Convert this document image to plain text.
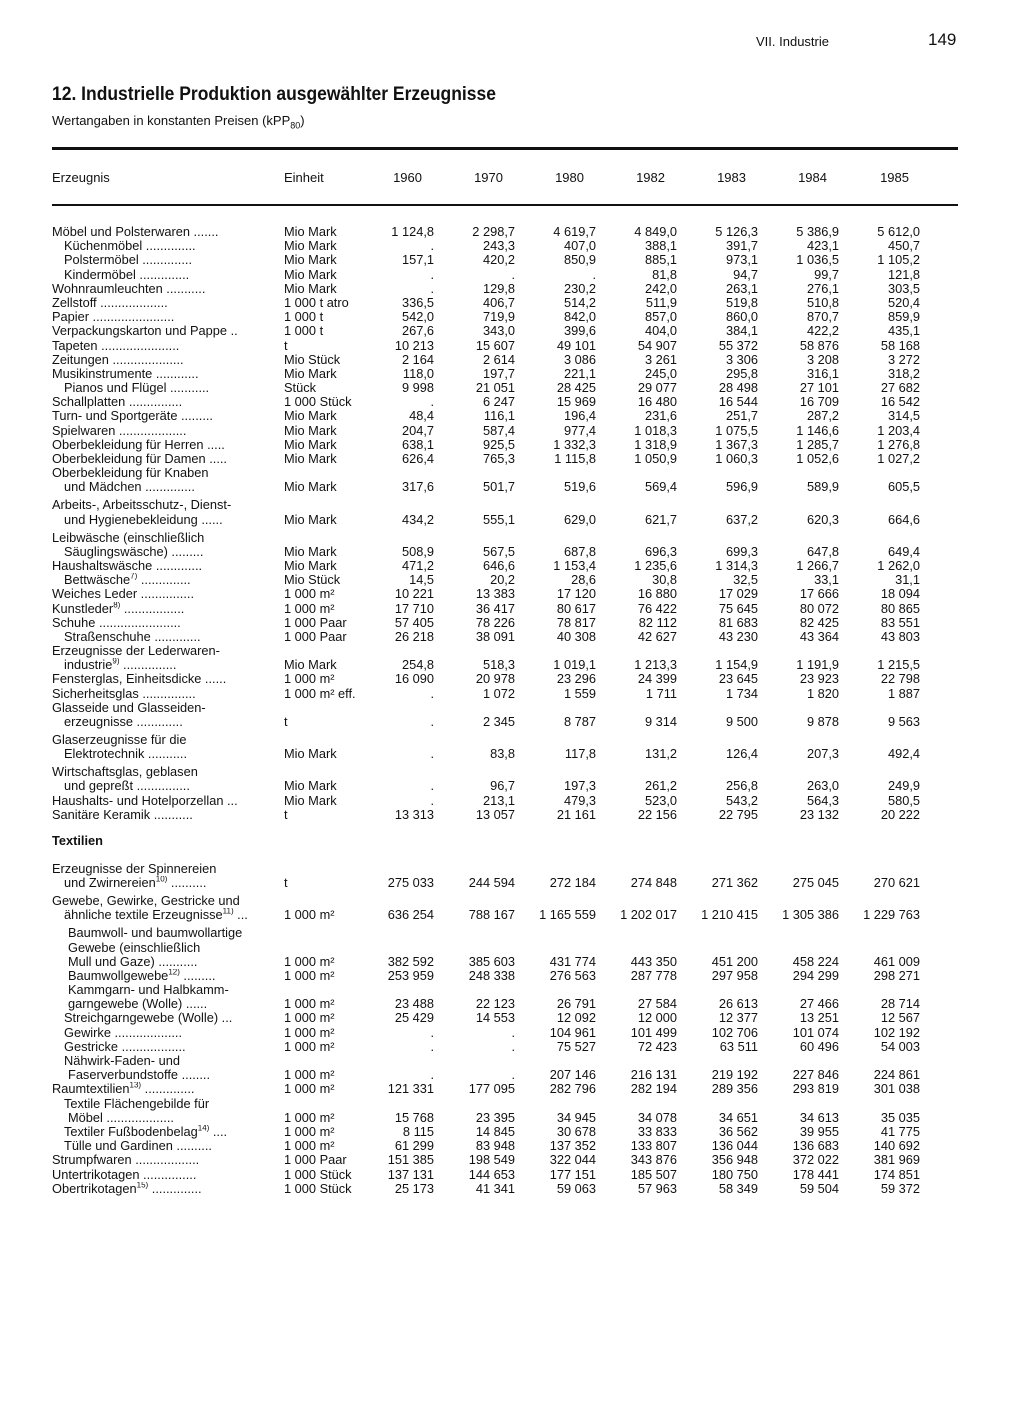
VII. Industrie	149
12. Industrielle Produktion ausgewählter Erzeugnisse
Wertangaben in konstanten Preisen (kPP$_{80}$)
Erzeugnis	Einheit	1960	1970	1980	1982	1983	1984	1985
Möbel und Polsterwaren .......	Mio Mark	1 124,8	2 298,7	4 619,7	4 849,0	5 126,3	5 386,9	5 612,0
Küchenmöbel ..............	Mio Mark	.	243,3	407,0	388,1	391,7	423,1	450,7
Polstermöbel ..............	Mio Mark	157,1	420,2	850,9	885,1	973,1	1 036,5	1 105,2
Kindermöbel ..............	Mio Mark	.	.	.	81,8	94,7	99,7	121,8
Wohnraumleuchten ...........	Mio Mark	.	129,8	230,2	242,0	263,1	276,1	303,5
Zellstoff ...................	1 000 t atro	336,5	406,7	514,2	511,9	519,8	510,8	520,4
Papier .......................	1 000 t	542,0	719,9	842,0	857,0	860,0	870,7	859,9
Verpackungskarton und Pappe ..	1 000 t	267,6	343,0	399,6	404,0	384,1	422,2	435,1
Tapeten ......................	t	10 213	15 607	49 101	54 907	55 372	58 876	58 168
Zeitungen ....................	Mio Stück	2 164	2 614	3 086	3 261	3 306	3 208	3 272
Musikinstrumente ............	Mio Mark	118,0	197,7	221,1	245,0	295,8	316,1	318,2
Pianos und Flügel ...........	Stück	9 998	21 051	28 425	29 077	28 498	27 101	27 682
Schallplatten ...............	1 000 Stück	.	6 247	15 969	16 480	16 544	16 709	16 542
Turn- und Sportgeräte .........	Mio Mark	48,4	116,1	196,4	231,6	251,7	287,2	314,5
Spielwaren ...................	Mio Mark	204,7	587,4	977,4	1 018,3	1 075,5	1 146,6	1 203,4
Oberbekleidung für Herren .....	Mio Mark	638,1	925,5	1 332,3	1 318,9	1 367,3	1 285,7	1 276,8
Oberbekleidung für Damen .....	Mio Mark	626,4	765,3	1 115,8	1 050,9	1 060,3	1 052,6	1 027,2
Oberbekleidung für Knaben
und Mädchen ..............	Mio Mark	317,6	501,7	519,6	569,4	596,9	589,9	605,5
Arbeits-, Arbeitsschutz-, Dienst-
und Hygienebekleidung ......	Mio Mark	434,2	555,1	629,0	621,7	637,2	620,3	664,6
Leibwäsche (einschließlich
Säuglingswäsche) .........	Mio Mark	508,9	567,5	687,8	696,3	699,3	647,8	649,4
Haushaltswäsche .............	Mio Mark	471,2	646,6	1 153,4	1 235,6	1 314,3	1 266,7	1 262,0
Bettwäsche$^{7)}$ ..............	Mio Stück	14,5	20,2	28,6	30,8	32,5	33,1	31,1
Weiches Leder ...............	1 000 m²	10 221	13 383	17 120	16 880	17 029	17 666	18 094
Kunstleder$^{8)}$ .................	1 000 m²	17 710	36 417	80 617	76 422	75 645	80 072	80 865
Schuhe .......................	1 000 Paar	57 405	78 226	78 817	82 112	81 683	82 425	83 551
Straßenschuhe .............	1 000 Paar	26 218	38 091	40 308	42 627	43 230	43 364	43 803
Erzeugnisse der Lederwaren-
industrie$^{9)}$ ...............	Mio Mark	254,8	518,3	1 019,1	1 213,3	1 154,9	1 191,9	1 215,5
Fensterglas, Einheitsdicke ......	1 000 m²	16 090	20 978	23 296	24 399	23 645	23 923	22 798
Sicherheitsglas ...............	1 000 m² eff.	.	1 072	1 559	1 711	1 734	1 820	1 887
Glasseide und Glasseiden-
erzeugnisse .............	t	.	2 345	8 787	9 314	9 500	9 878	9 563
Glaserzeugnisse für die
Elektrotechnik ...........	Mio Mark	.	83,8	117,8	131,2	126,4	207,3	492,4
Wirtschaftsglas, geblasen
und gepreßt ...............	Mio Mark	.	96,7	197,3	261,2	256,8	263,0	249,9
Haushalts- und Hotelporzellan ...	Mio Mark	.	213,1	479,3	523,0	543,2	564,3	580,5
Sanitäre Keramik ...........	t	13 313	13 057	21 161	22 156	22 795	23 132	20 222
Textilien
Erzeugnisse der Spinnereien
und Zwirnereien$^{10)}$ ..........	t	275 033	244 594	272 184	274 848	271 362	275 045	270 621
Gewebe, Gewirke, Gestricke und
ähnliche textile Erzeugnisse$^{11)}$ ...	1 000 m²	636 254	788 167	1 165 559	1 202 017	1 210 415	1 305 386	1 229 763
Baumwoll- und baumwollartige
Gewebe (einschließlich
Mull und Gaze) ...........	1 000 m²	382 592	385 603	431 774	443 350	451 200	458 224	461 009
Baumwollgewebe$^{12)}$ .........	1 000 m²	253 959	248 338	276 563	287 778	297 958	294 299	298 271
Kammgarn- und Halbkamm-
garngewebe (Wolle) ......	1 000 m²	23 488	22 123	26 791	27 584	26 613	27 466	28 714
Streichgarngewebe (Wolle) ...	1 000 m²	25 429	14 553	12 092	12 000	12 377	13 251	12 567
Gewirke ...................	1 000 m²	.	.	104 961	101 499	102 706	101 074	102 192
Gestricke ..................	1 000 m²	.	.	75 527	72 423	63 511	60 496	54 003
Nähwirk-Faden- und
Faserverbundstoffe ........	1 000 m²	.	.	207 146	216 131	219 192	227 846	224 861
Raumtextilien$^{13)}$ ..............	1 000 m²	121 331	177 095	282 796	282 194	289 356	293 819	301 038
Textile Flächengebilde für
Möbel ...................	1 000 m²	15 768	23 395	34 945	34 078	34 651	34 613	35 035
Textiler Fußbodenbelag$^{14)}$ ....	1 000 m²	8 115	14 845	30 678	33 833	36 562	39 955	41 775
Tülle und Gardinen ..........	1 000 m²	61 299	83 948	137 352	133 807	136 044	136 683	140 692
Strumpfwaren ..................	1 000 Paar	151 385	198 549	322 044	343 876	356 948	372 022	381 969
Untertrikotagen ...............	1 000 Stück	137 131	144 653	177 151	185 507	180 750	178 441	174 851
Obertrikotagen$^{15)}$ ..............	1 000 Stück	25 173	41 341	59 063	57 963	58 349	59 504	59 372
